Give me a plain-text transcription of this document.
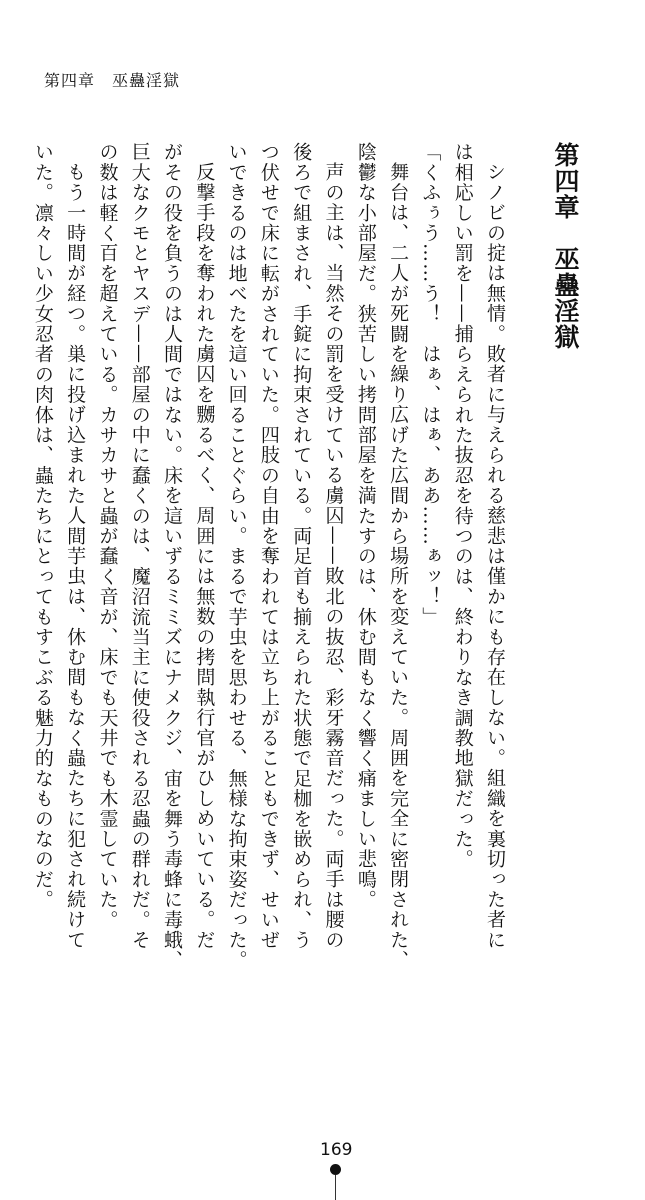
第四章　巫蠱淫獄
第四章　巫蠱淫獄
シノビの掟は無情。敗者に与えられる慈悲は僅かにも存在しない。組織を裏切った者に
は相応しい罰を——捕らえられた抜忍を待つのは、終わりなき調教地獄だった。
「くふぅう……う！　はぁ、はぁ、ああ……ぁッ！」
舞台は、二人が死闘を繰り広げた広間から場所を変えていた。周囲を完全に密閉された、
陰鬱な小部屋だ。狭苦しい拷問部屋を満たすのは、休む間もなく響く痛ましい悲鳴。
声の主は、当然その罰を受けている虜囚——敗北の抜忍、彩牙霧音だった。両手は腰の
後ろで組まされ、手錠に拘束されている。両足首も揃えられた状態で足枷を嵌められ、う
つ伏せで床に転がされていた。四肢の自由を奪われては立ち上がることもできず、せいぜ
いできるのは地べたを這い回ることぐらい。まるで芋虫を思わせる、無様な拘束姿だった。
反撃手段を奪われた虜囚を嬲るべく、周囲には無数の拷問執行官がひしめいている。だ
がその役を負うのは人間ではない。床を這いずるミミズにナメクジ、宙を舞う毒蜂に毒蛾、
巨大なクモとヤスデ——部屋の中に蠢くのは、魔沼流当主に使役される忍蟲の群れだ。そ
の数は軽く百を超えている。カサカサと蟲が蠢く音が、床でも天井でも木霊していた。
もう一時間が経つ。巣に投げ込まれた人間芋虫は、休む間もなく蟲たちに犯され続けて
いた。凛々しい少女忍者の肉体は、蟲たちにとってもすこぶる魅力的なものなのだ。
169
